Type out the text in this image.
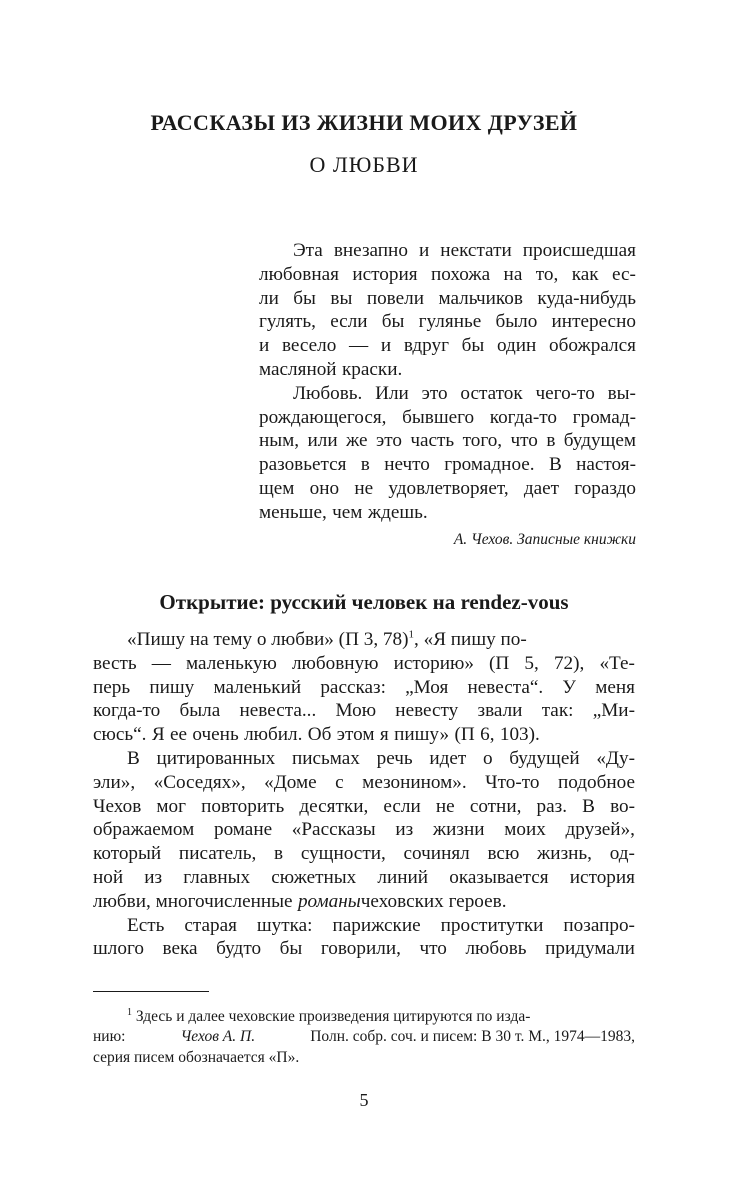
РАССКАЗЫ ИЗ ЖИЗНИ МОИХ ДРУЗЕЙ
О ЛЮБВИ
Эта внезапно и некстати происшедшая
любовная история похожа на то, как ес-
ли бы вы повели мальчиков куда-нибудь
гулять, если бы гулянье было интересно
и весело — и вдруг бы один обожрался
масляной краски.
Любовь. Или это остаток чего-то вы-
рождающегося, бывшего когда-то громад-
ным, или же это часть того, что в будущем
разовьется в нечто громадное. В настоя-
щем оно не удовлетворяет, дает гораздо
меньше, чем ждешь.
А. Чехов. Записные книжки
Открытие: русский человек на rendez-vous
«Пишу на тему о любви» (П 3, 78)$^1$, «Я пишу по-
весть — маленькую любовную историю» (П 5, 72), «Те-
перь пишу маленький рассказ: „Моя невеста“. У меня
когда-то была невеста... Мою невесту звали так: „Ми-
сюсь“. Я ее очень любил. Об этом я пишу» (П 6, 103).
В цитированных письмах речь идет о будущей «Ду-
эли», «Соседях», «Доме с мезонином». Что-то подобное
Чехов мог повторить десятки, если не сотни, раз. В во-
ображаемом романе «Рассказы из жизни моих друзей»,
который писатель, в сущности, сочинял всю жизнь, од-
ной из главных сюжетных линий оказывается история
любви, многочисленные романы чеховских героев.
Есть старая шутка: парижские проститутки позапро-
шлого века будто бы говорили, что любовь придумали
$^1$ Здесь и далее чеховские произведения цитируются по изда-
нию:	Чехов А. П.	Полн. собр. соч. и писем: В 30 т. М., 1974—1983,
серия писем обозначается «П».
5
